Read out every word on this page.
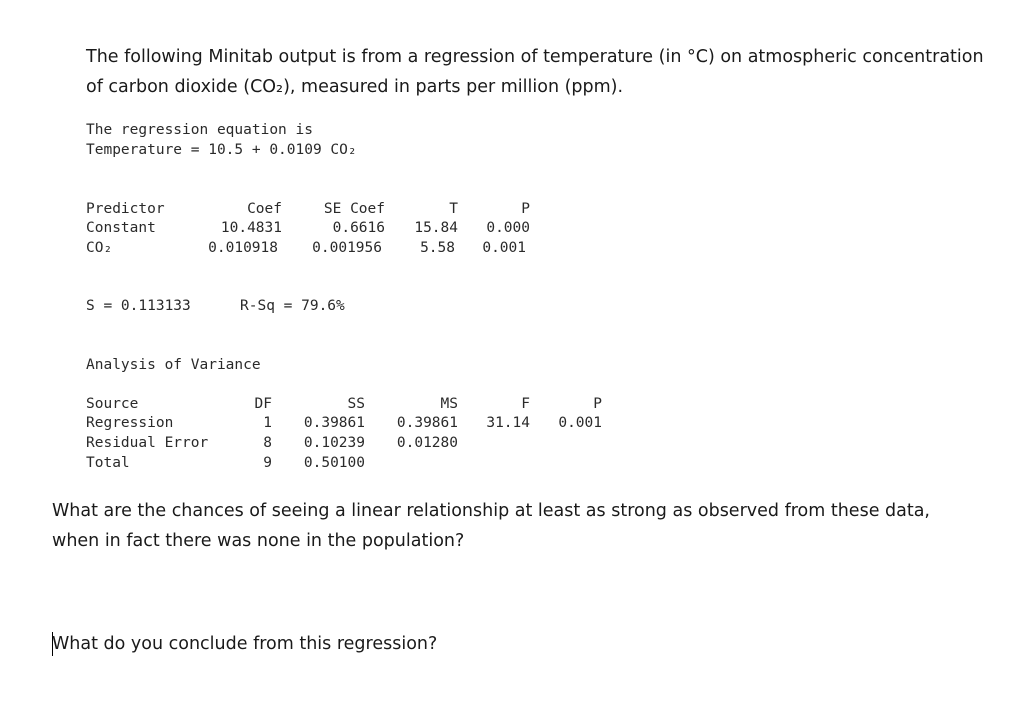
The following Minitab output is from a regression of temperature (in °C) on atmospheric concentration
of carbon dioxide (CO₂), measured in parts per million (ppm).
The regression equation is
Temperature = 10.5 + 0.0109 CO₂
Predictor	Coef	SE Coef	T	P
Constant	10.4831	0.6616	15.84	0.000
CO₂	0.010918	0.001956	5.58	0.001
S = 0.113133	R-Sq = 79.6%
Analysis of Variance
Source	DF	SS	MS	F	P
Regression	1	0.39861	0.39861	31.14	0.001
Residual Error	8	0.10239	0.01280
Total	9	0.50100
What are the chances of seeing a linear relationship at least as strong as observed from these data,
when in fact there was none in the population?
What do you conclude from this regression?
